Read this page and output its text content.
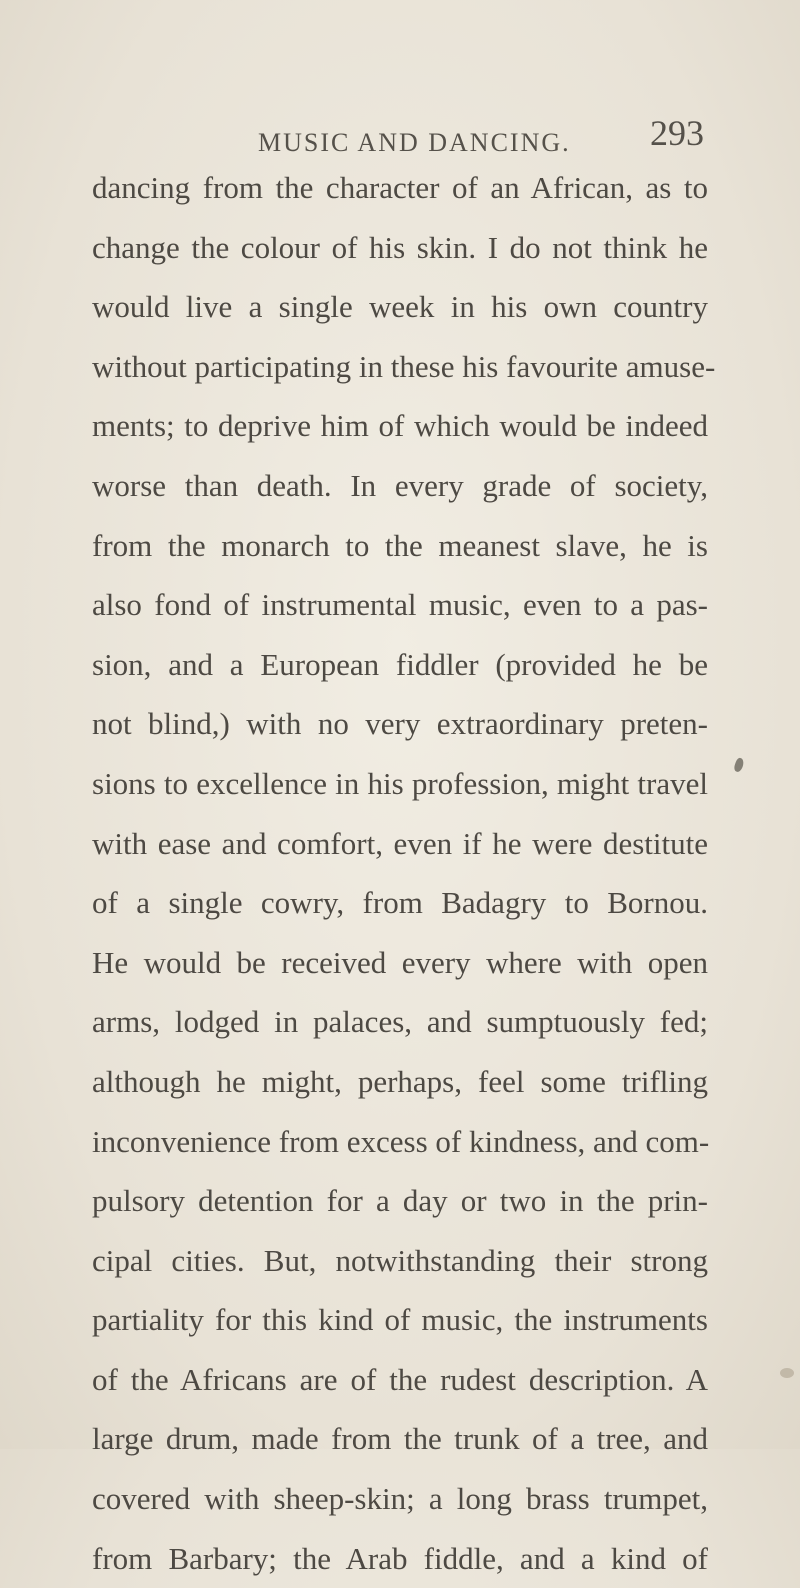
MUSIC AND DANCING. 293
dancing from the character of an African, as to
change the colour of his skin. I do not think he
would live a single week in his own country
without participating in these his favourite amuse-
ments; to deprive him of which would be indeed
worse than death. In every grade of society,
from the monarch to the meanest slave, he is
also fond of instrumental music, even to a pas-
sion, and a European fiddler (provided he be
not blind,) with no very extraordinary preten-
sions to excellence in his profession, might travel
with ease and comfort, even if he were destitute
of a single cowry, from Badagry to Bornou.
He would be received every where with open
arms, lodged in palaces, and sumptuously fed;
although he might, perhaps, feel some trifling
inconvenience from excess of kindness, and com-
pulsory detention for a day or two in the prin-
cipal cities. But, notwithstanding their strong
partiality for this kind of music, the instruments
of the Africans are of the rudest description. A
large drum, made from the trunk of a tree, and
covered with sheep-skin; a long brass trumpet,
from Barbary; the Arab fiddle, and a kind of
